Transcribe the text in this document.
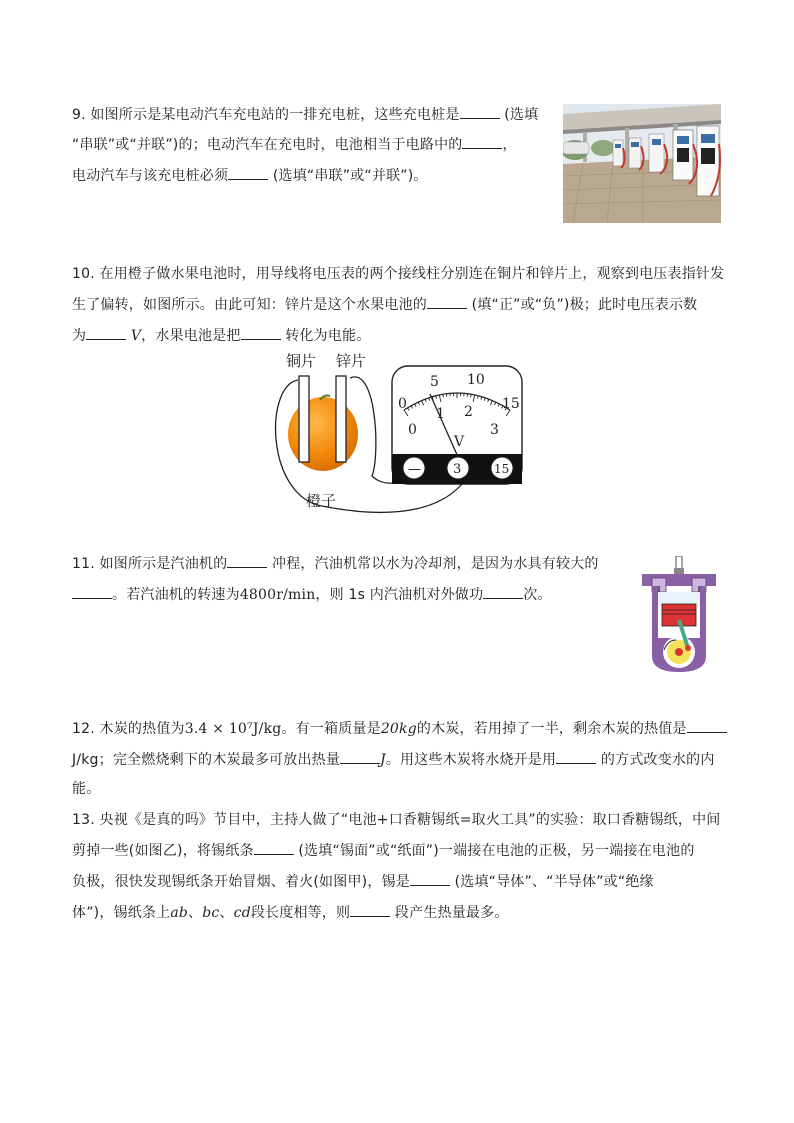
9. 如图所示是某电动汽车充电站的一排充电桩，这些充电桩是	(选填
“串联”或“并联”)的；电动汽车在充电时，电池相当于电路中的	，
电动汽车与该充电桩必须	(选填“串联”或“并联”)。
10. 在用橙子做水果电池时，用导线将电压表的两个接线柱分别连在铜片和锌片上，观察到电压表指针发
生了偏转，如图所示。由此可知：锌片是这个水果电池的	(填“正”或“负”)极；此时电压表示数
为	V，水果电池是把	转化为电能。
铜片 锌片
橙子
0
5 10
15
0
1 2
3
V
— 3	15
11. 如图所示是汽油机的	冲程，汽油机常以水为冷却剂，是因为水具有较大的
。若汽油机的转速为4800r/min，则 1s 内汽油机对外做功	次。
12. 木炭的热值为3.4 × 10⁷J/kg。有一箱质量是20kg的木炭，若用掉了一半，剩余木炭的热值是
J/kg；完全燃烧剩下的木炭最多可放出热量	J。用这些木炭将水烧开是用	的方式改变水的内
能。
13. 央视《是真的吗》节目中，主持人做了“电池+口香糖锡纸=取火工具”的实验：取口香糖锡纸，中间
剪掉一些(如图乙)，将锡纸条	(选填“锡面”或“纸面”)一端接在电池的正极，另一端接在电池的
负极，很快发现锡纸条开始冒烟、着火(如图甲)，锡是	(选填“导体”、“半导体”或“绝缘
体”)，锡纸条上ab、bc、cd段长度相等，则	段产生热量最多。
